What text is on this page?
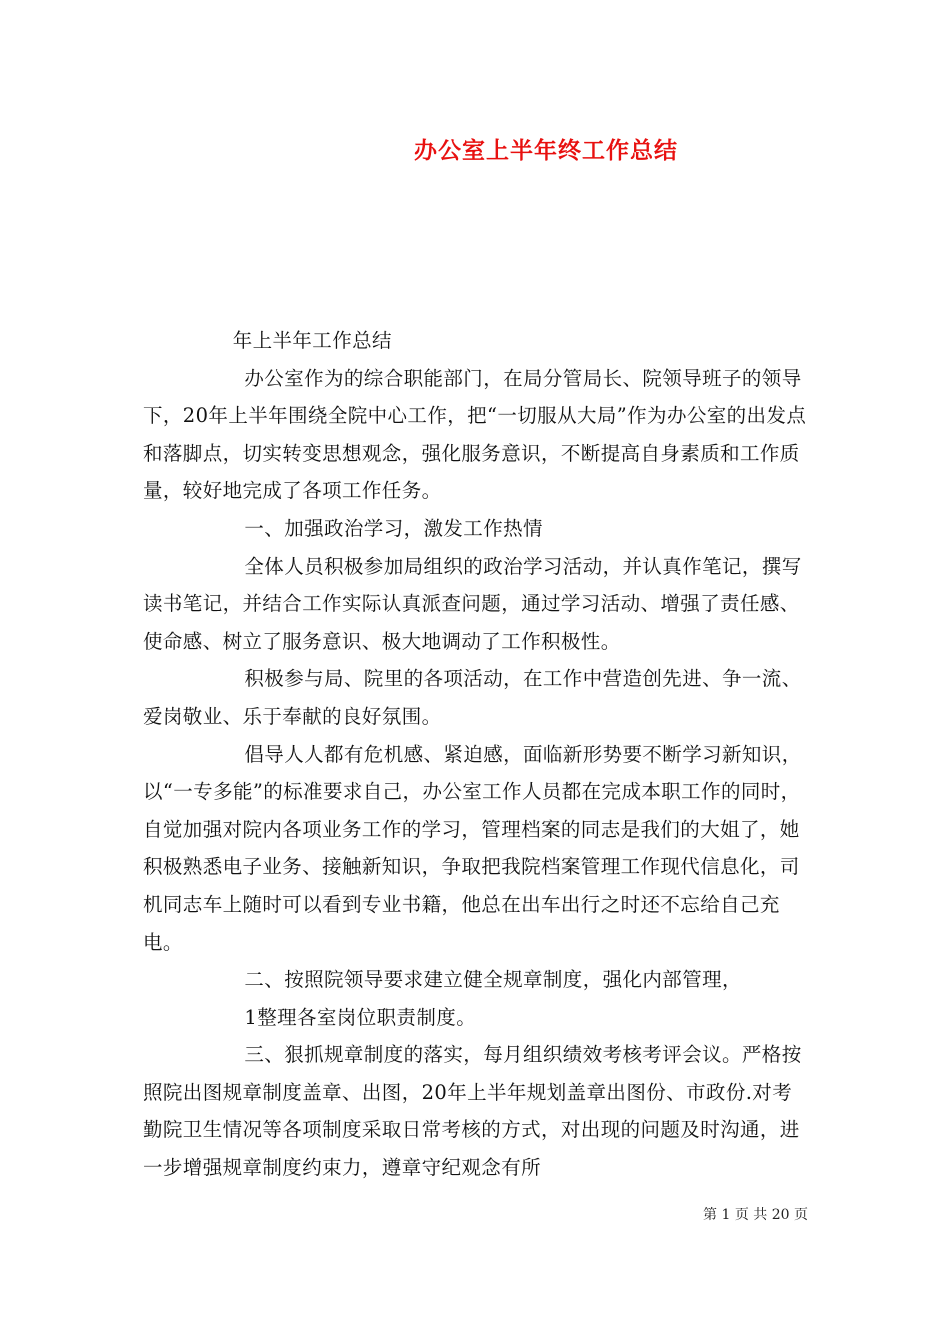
办公室上半年终工作总结

年上半年工作总结

办公室作为的综合职能部门，在局分管局长、院领导班子的领导下，20年上半年围绕全院中心工作，把“一切服从大局”作为办公室的出发点和落脚点，切实转变思想观念，强化服务意识，不断提高自身素质和工作质量，较好地完成了各项工作任务。

一、加强政治学习，激发工作热情

全体人员积极参加局组织的政治学习活动，并认真作笔记，撰写读书笔记，并结合工作实际认真派查问题，通过学习活动、增强了责任感、使命感、树立了服务意识、极大地调动了工作积极性。

积极参与局、院里的各项活动，在工作中营造创先进、争一流、爱岗敬业、乐于奉献的良好氛围。

倡导人人都有危机感、紧迫感，面临新形势要不断学习新知识，以“一专多能”的标准要求自己，办公室工作人员都在完成本职工作的同时，自觉加强对院内各项业务工作的学习，管理档案的同志是我们的大姐了，她积极熟悉电子业务、接触新知识，争取把我院档案管理工作现代信息化，司机同志车上随时可以看到专业书籍，他总在出车出行之时还不忘给自己充电。

二、按照院领导要求建立健全规章制度，强化内部管理，

1整理各室岗位职责制度。

三、狠抓规章制度的落实，每月组织绩效考核考评会议。严格按照院出图规章制度盖章、出图，20年上半年规划盖章出图份、市政份.对考勤院卫生情况等各项制度采取日常考核的方式，对出现的问题及时沟通，进一步增强规章制度约束力，遵章守纪观念有所

第 1 页 共 20 页
